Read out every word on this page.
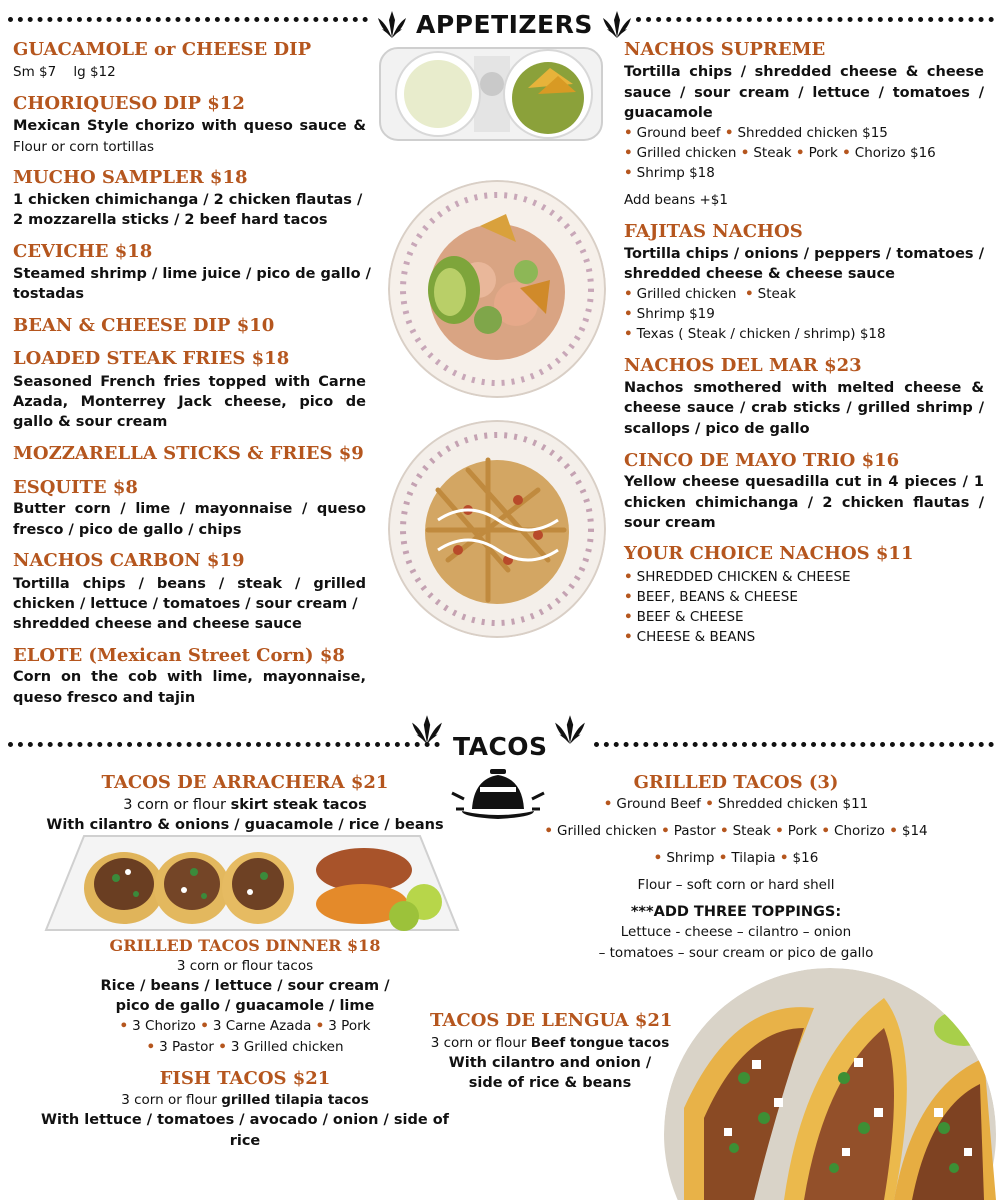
APPETIZERS
GUACAMOLE or CHEESE DIP
Sm $7    lg $12
CHORIQUESO DIP $12
Mexican Style chorizo with queso sauce &
Flour or corn tortillas
MUCHO SAMPLER $18
1 chicken chimichanga / 2 chicken flautas /
2 mozzarella sticks / 2 beef hard tacos
CEVICHE $18
Steamed shrimp / lime juice / pico de gallo /
tostadas
BEAN & CHEESE DIP $10
LOADED STEAK FRIES $18
Seasoned French fries topped with Carne
Azada, Monterrey Jack cheese, pico de
gallo & sour cream
MOZZARELLA STICKS & FRIES $9
ESQUITE $8
Butter corn / lime / mayonnaise / queso
fresco / pico de gallo / chips
NACHOS CARBON $19
Tortilla chips / beans / steak / grilled
chicken / lettuce / tomatoes / sour cream /
shredded cheese and cheese sauce
ELOTE (Mexican Street Corn) $8
Corn on the cob with lime, mayonnaise,
queso fresco and tajin
NACHOS SUPREME
Tortilla chips / shredded cheese & cheese
sauce / sour cream / lettuce / tomatoes /
guacamole
• Ground beef • Shredded chicken $15
• Grilled chicken • Steak • Pork • Chorizo $16
• Shrimp $18
Add beans +$1
FAJITAS NACHOS
Tortilla chips / onions / peppers / tomatoes /
shredded cheese & cheese sauce
• Grilled chicken • Steak
• Shrimp $19
• Texas ( Steak / chicken / shrimp) $18
NACHOS DEL MAR $23
Nachos smothered with melted cheese &
cheese sauce / crab sticks / grilled shrimp /
scallops / pico de gallo
CINCO DE MAYO TRIO $16
Yellow cheese quesadilla cut in 4 pieces / 1
chicken chimichanga / 2 chicken flautas /
sour cream
YOUR CHOICE NACHOS $11
• SHREDDED CHICKEN & CHEESE
• BEEF, BEANS & CHEESE
• BEEF & CHEESE
• CHEESE & BEANS
TACOS
TACOS DE ARRACHERA $21
3 corn or flour skirt steak tacos
With cilantro & onions / guacamole / rice / beans
GRILLED TACOS DINNER $18
3 corn or flour tacos
Rice / beans / lettuce / sour cream /
pico de gallo / guacamole / lime
• 3 Chorizo • 3 Carne Azada • 3 Pork
• 3 Pastor • 3 Grilled chicken
FISH TACOS $21
3 corn or flour grilled tilapia tacos
With lettuce / tomatoes / avocado / onion / side of rice
GRILLED TACOS (3)
• Ground Beef • Shredded chicken $11
• Grilled chicken • Pastor • Steak • Pork • Chorizo • $14
• Shrimp • Tilapia • $16
Flour – soft corn or hard shell
***ADD THREE TOPPINGS:
Lettuce - cheese – cilantro – onion
– tomatoes – sour cream or pico de gallo
TACOS DE LENGUA $21
3 corn or flour Beef tongue tacos
With cilantro and onion /
side of rice & beans
